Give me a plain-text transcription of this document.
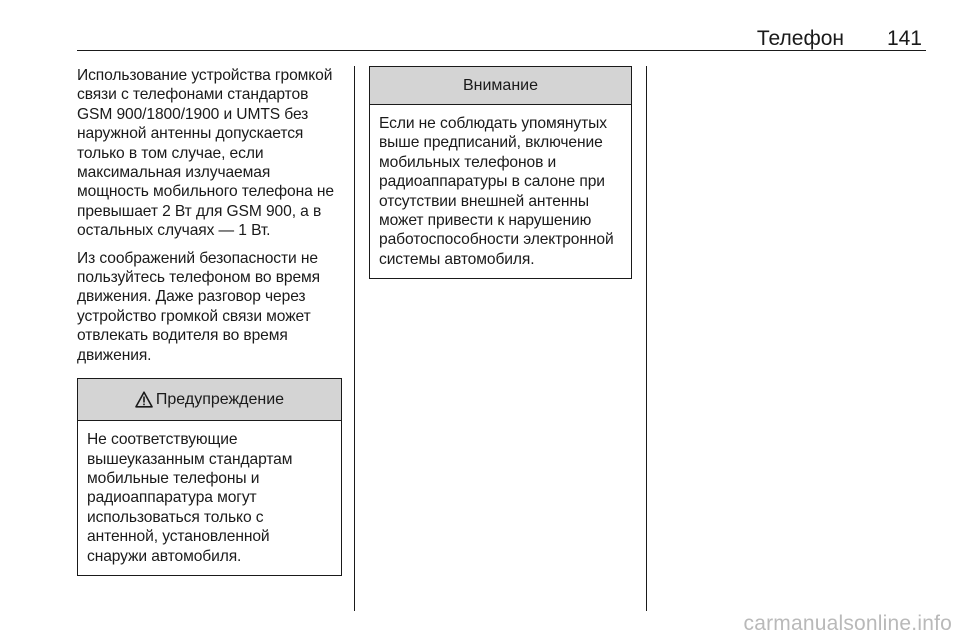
Телефон 141

Использование устройства громкой связи с телефонами стандартов GSM 900/1800/1900 и UMTS без наружной антенны допускается только в том случае, если максимальная излучаемая мощность мобильного телефона не превышает 2 Вт для GSM 900, а в остальных случаях — 1 Вт.

Из соображений безопасности не пользуйтесь телефоном во время движения. Даже разговор через устройство громкой связи может отвлекать водителя во время движения.

Предупреждение
Не соответствующие вышеуказанным стандартам мобильные телефоны и радиоаппаратура могут использоваться только с антенной, установленной снаружи автомобиля.
Внимание
Если не соблюдать упомянутых выше предписаний, включение мобильных телефонов и радиоаппаратуры в салоне при отсутствии внешней антенны может привести к нарушению работоспособности электронной системы автомобиля.
carmanualsonline.info
